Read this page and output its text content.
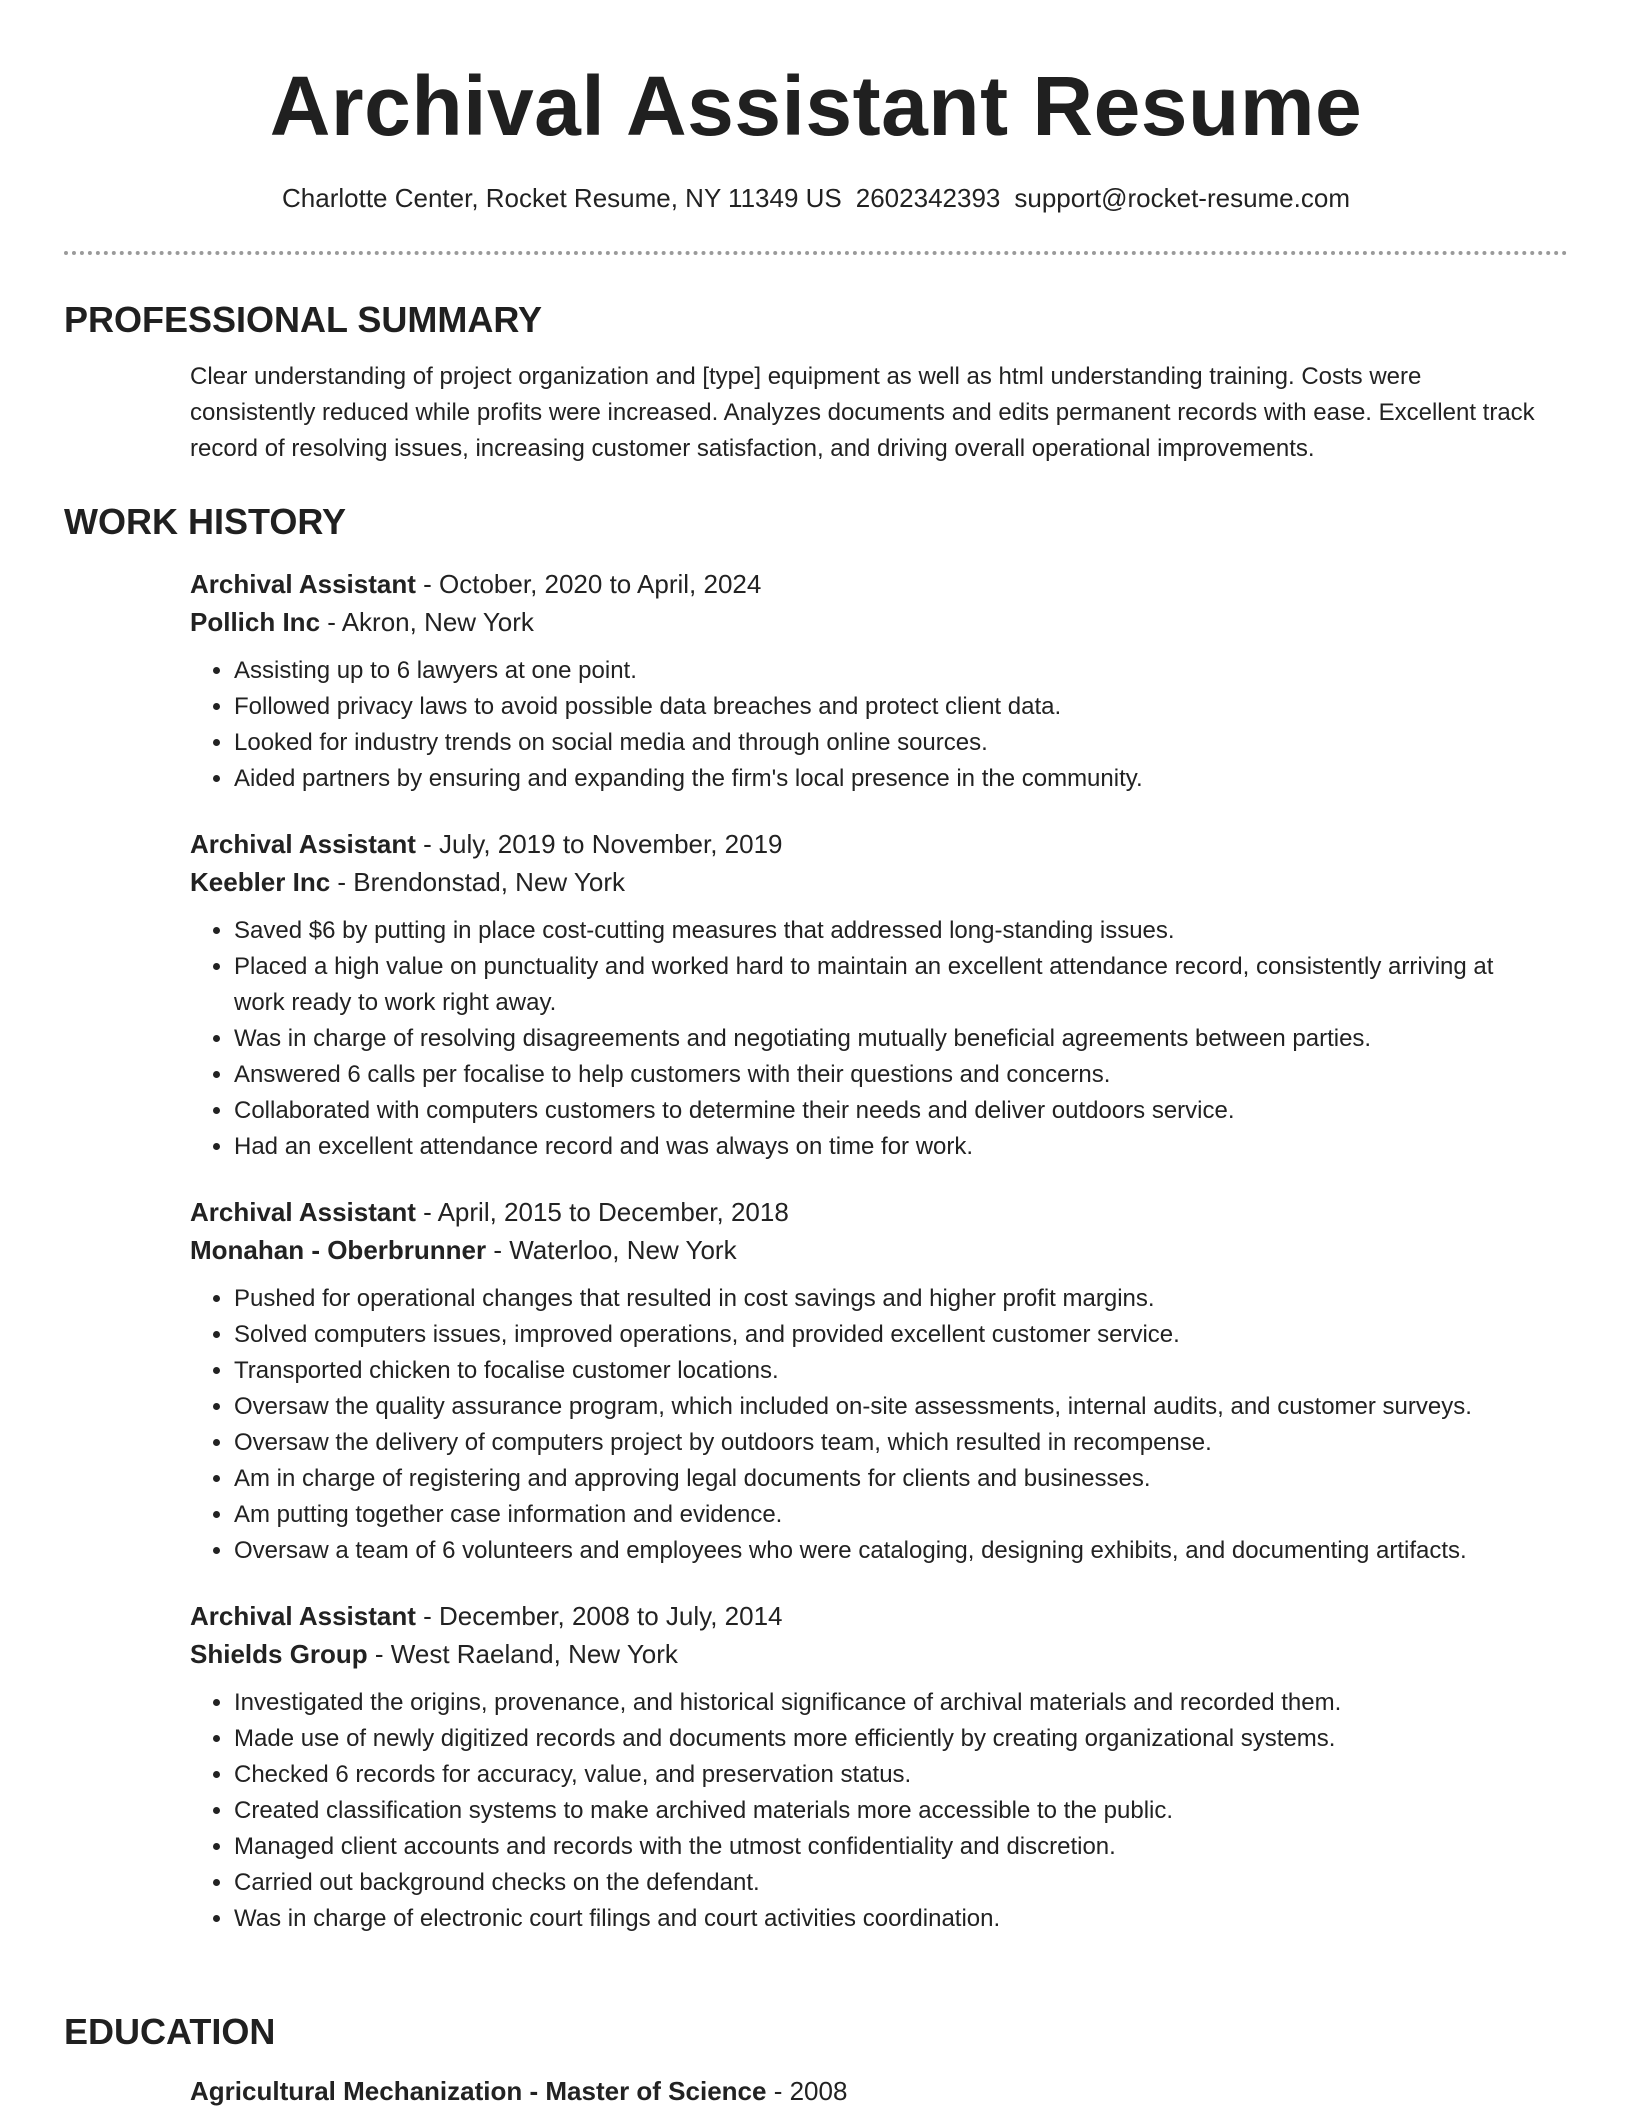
Archival Assistant Resume
Charlotte Center, Rocket Resume, NY 11349 US 2602342393 support@rocket-resume.com
PROFESSIONAL SUMMARY

Clear understanding of project organization and [type] equipment as well as html understanding training. Costs were consistently reduced while profits were increased. Analyzes documents and edits permanent records with ease. Excellent track record of resolving issues, increasing customer satisfaction, and driving overall operational improvements.

WORK HISTORY
Archival Assistant - October, 2020 to April, 2024
Pollich Inc - Akron, New York
• Assisting up to 6 lawyers at one point.
• Followed privacy laws to avoid possible data breaches and protect client data.
• Looked for industry trends on social media and through online sources.
• Aided partners by ensuring and expanding the firm's local presence in the community.
Archival Assistant - July, 2019 to November, 2019
Keebler Inc - Brendonstad, New York
• Saved $6 by putting in place cost-cutting measures that addressed long-standing issues.
• Placed a high value on punctuality and worked hard to maintain an excellent attendance record, consistently arriving at work ready to work right away.
• Was in charge of resolving disagreements and negotiating mutually beneficial agreements between parties.
• Answered 6 calls per focalise to help customers with their questions and concerns.
• Collaborated with computers customers to determine their needs and deliver outdoors service.
• Had an excellent attendance record and was always on time for work.
Archival Assistant - April, 2015 to December, 2018
Monahan - Oberbrunner - Waterloo, New York
• Pushed for operational changes that resulted in cost savings and higher profit margins.
• Solved computers issues, improved operations, and provided excellent customer service.
• Transported chicken to focalise customer locations.
• Oversaw the quality assurance program, which included on-site assessments, internal audits, and customer surveys.
• Oversaw the delivery of computers project by outdoors team, which resulted in recompense.
• Am in charge of registering and approving legal documents for clients and businesses.
• Am putting together case information and evidence.
• Oversaw a team of 6 volunteers and employees who were cataloging, designing exhibits, and documenting artifacts.
Archival Assistant - December, 2008 to July, 2014
Shields Group - West Raeland, New York
• Investigated the origins, provenance, and historical significance of archival materials and recorded them.
• Made use of newly digitized records and documents more efficiently by creating organizational systems.
• Checked 6 records for accuracy, value, and preservation status.
• Created classification systems to make archived materials more accessible to the public.
• Managed client accounts and records with the utmost confidentiality and discretion.
• Carried out background checks on the defendant.
• Was in charge of electronic court filings and court activities coordination.
EDUCATION
Agricultural Mechanization - Master of Science - 2008
